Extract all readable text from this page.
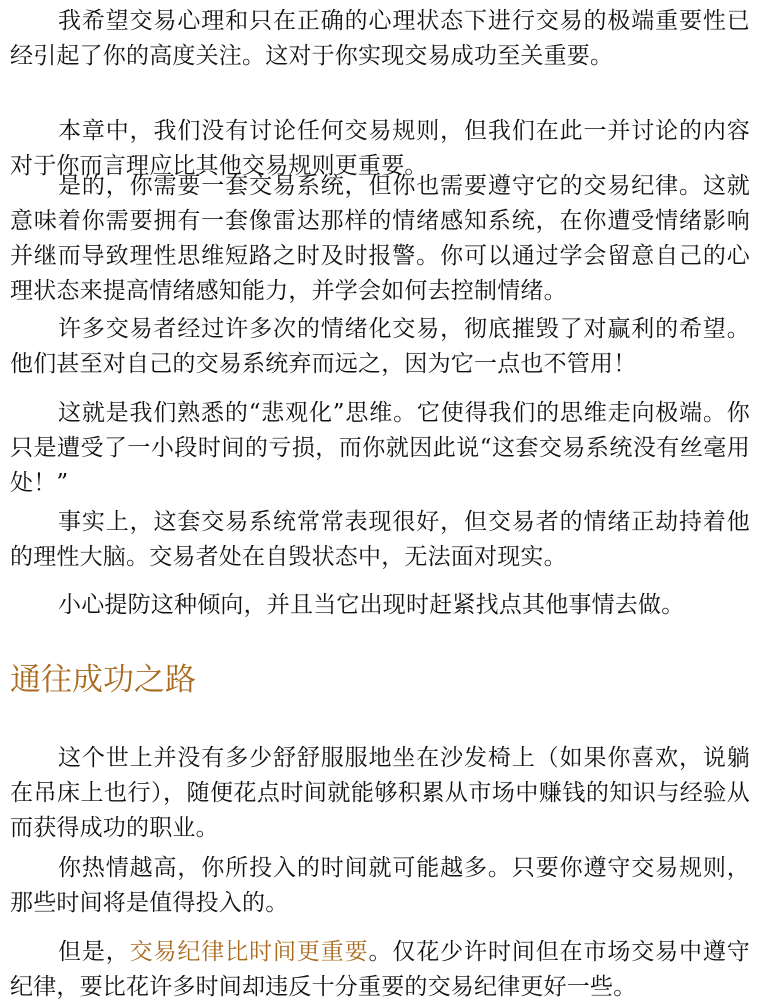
我希望交易心理和只在正确的心理状态下进行交易的极端重要性已经引起了你的高度关注。这对于你实现交易成功至关重要。

本章中，我们没有讨论任何交易规则，但我们在此一并讨论的内容对于你而言理应比其他交易规则更重要。

是的，你需要一套交易系统，但你也需要遵守它的交易纪律。这就意味着你需要拥有一套像雷达那样的情绪感知系统，在你遭受情绪影响并继而导致理性思维短路之时及时报警。你可以通过学会留意自己的心理状态来提高情绪感知能力，并学会如何去控制情绪。

许多交易者经过许多次的情绪化交易，彻底摧毁了对赢利的希望。他们甚至对自己的交易系统弃而远之，因为它一点也不管用！

这就是我们熟悉的“悲观化”思维。它使得我们的思维走向极端。你只是遭受了一小段时间的亏损，而你就因此说“这套交易系统没有丝毫用处！”

事实上，这套交易系统常常表现很好，但交易者的情绪正劫持着他的理性大脑。交易者处在自毁状态中，无法面对现实。

小心提防这种倾向，并且当它出现时赶紧找点其他事情去做。

通往成功之路

这个世上并没有多少舒舒服服地坐在沙发椅上（如果你喜欢，说躺在吊床上也行），随便花点时间就能够积累从市场中赚钱的知识与经验从而获得成功的职业。

你热情越高，你所投入的时间就可能越多。只要你遵守交易规则，那些时间将是值得投入的。

但是，交易纪律比时间更重要。仅花少许时间但在市场交易中遵守纪律，要比花许多时间却违反十分重要的交易纪律更好一些。
